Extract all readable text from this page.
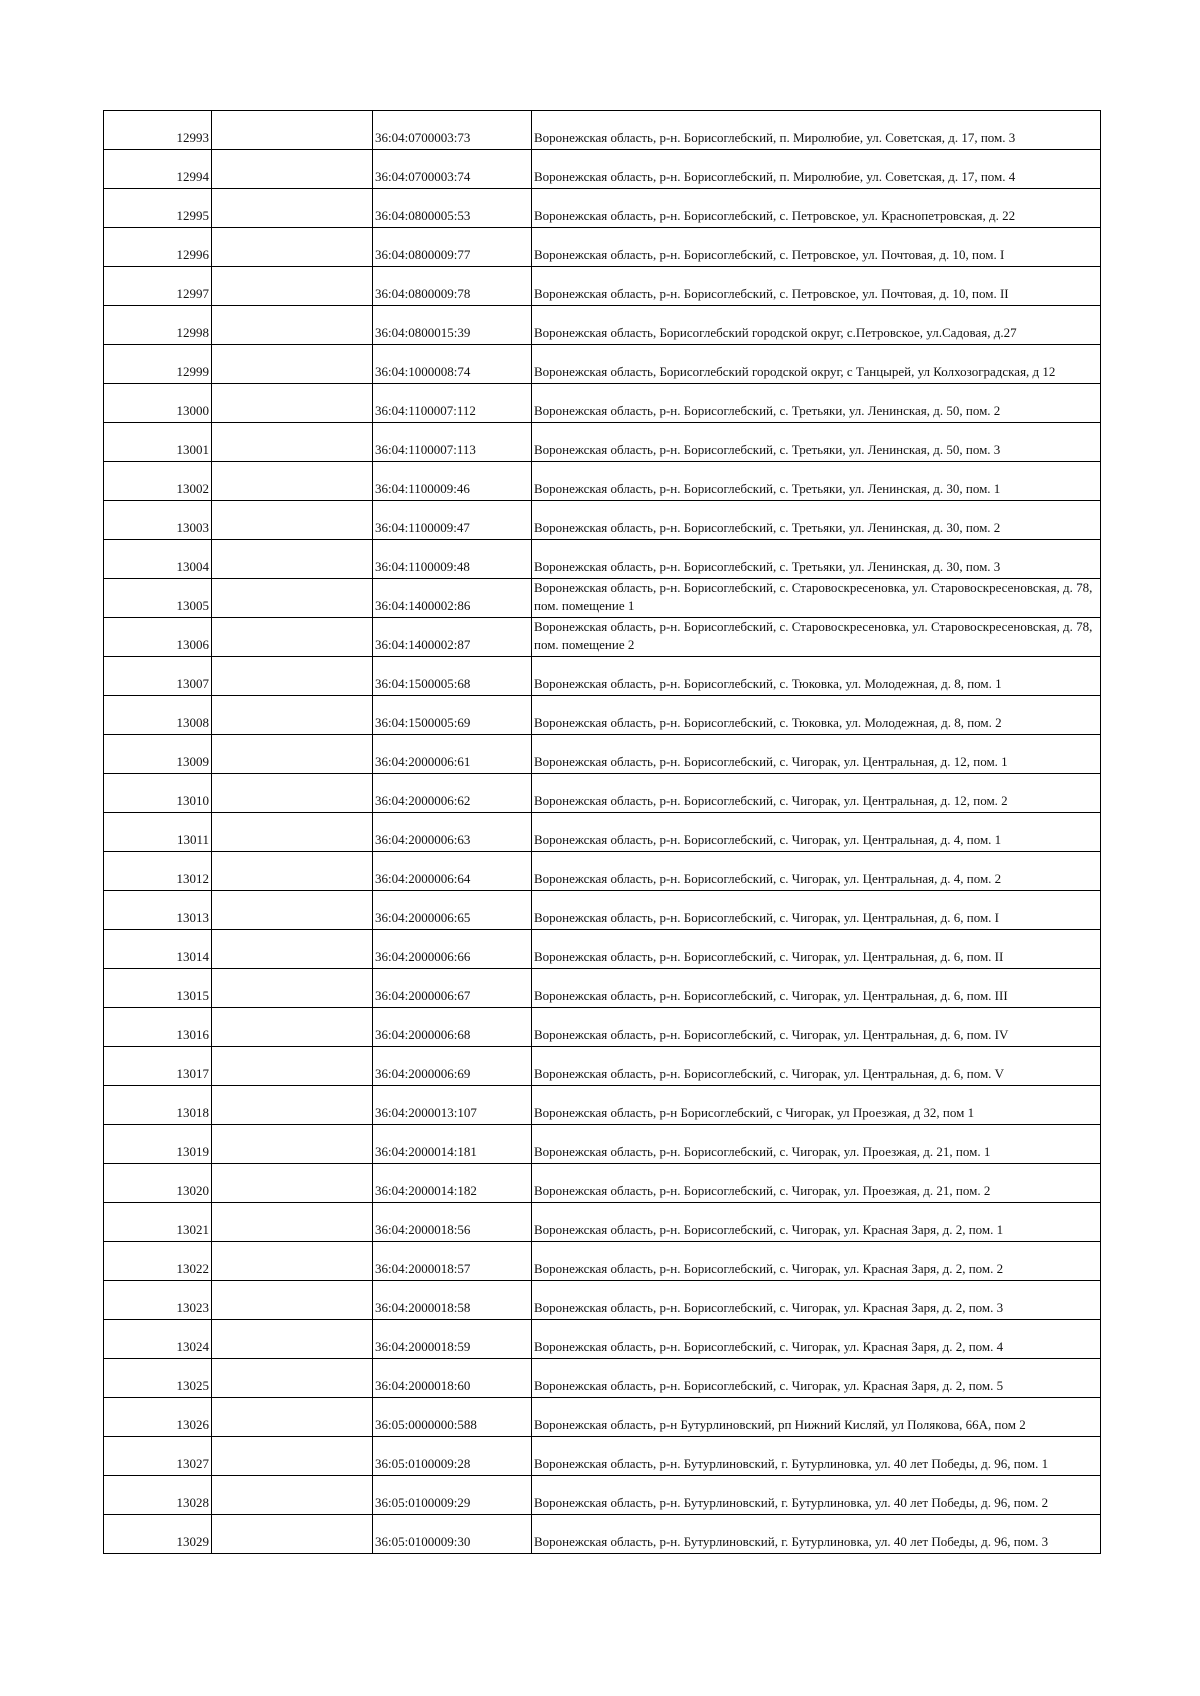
12993		36:04:0700003:73	Воронежская область, р-н. Борисоглебский, п. Миролюбие, ул. Советская, д. 17, пом. 3
12994		36:04:0700003:74	Воронежская область, р-н. Борисоглебский, п. Миролюбие, ул. Советская, д. 17, пом. 4
12995		36:04:0800005:53	Воронежская область, р-н. Борисоглебский, с. Петровское, ул. Краснопетровская, д. 22
12996		36:04:0800009:77	Воронежская область, р-н. Борисоглебский, с. Петровское, ул. Почтовая, д. 10, пом. I
12997		36:04:0800009:78	Воронежская область, р-н. Борисоглебский, с. Петровское, ул. Почтовая, д. 10, пом. II
12998		36:04:0800015:39	Воронежская область, Борисоглебский городской округ, с.Петровское, ул.Садовая, д.27
12999		36:04:1000008:74	Воронежская область, Борисоглебский городской округ, с Танцырей, ул Колхозоградская, д 12
13000		36:04:1100007:112	Воронежская область, р-н. Борисоглебский, с. Третьяки, ул. Ленинская, д. 50, пом. 2
13001		36:04:1100007:113	Воронежская область, р-н. Борисоглебский, с. Третьяки, ул. Ленинская, д. 50, пом. 3
13002		36:04:1100009:46	Воронежская область, р-н. Борисоглебский, с. Третьяки, ул. Ленинская, д. 30, пом. 1
13003		36:04:1100009:47	Воронежская область, р-н. Борисоглебский, с. Третьяки, ул. Ленинская, д. 30, пом. 2
13004		36:04:1100009:48	Воронежская область, р-н. Борисоглебский, с. Третьяки, ул. Ленинская, д. 30, пом. 3
13005		36:04:1400002:86	Воронежская область, р-н. Борисоглебский, с. Старовоскресеновка, ул. Старовоскресеновская, д. 78, пом. помещение 1
13006		36:04:1400002:87	Воронежская область, р-н. Борисоглебский, с. Старовоскресеновка, ул. Старовоскресеновская, д. 78, пом. помещение 2
13007		36:04:1500005:68	Воронежская область, р-н. Борисоглебский, с. Тюковка, ул. Молодежная, д. 8, пом. 1
13008		36:04:1500005:69	Воронежская область, р-н. Борисоглебский, с. Тюковка, ул. Молодежная, д. 8, пом. 2
13009		36:04:2000006:61	Воронежская область, р-н. Борисоглебский, с. Чигорак, ул. Центральная, д. 12, пом. 1
13010		36:04:2000006:62	Воронежская область, р-н. Борисоглебский, с. Чигорак, ул. Центральная, д. 12, пом. 2
13011		36:04:2000006:63	Воронежская область, р-н. Борисоглебский, с. Чигорак, ул. Центральная, д. 4, пом. 1
13012		36:04:2000006:64	Воронежская область, р-н. Борисоглебский, с. Чигорак, ул. Центральная, д. 4, пом. 2
13013		36:04:2000006:65	Воронежская область, р-н. Борисоглебский, с. Чигорак, ул. Центральная, д. 6, пом. I
13014		36:04:2000006:66	Воронежская область, р-н. Борисоглебский, с. Чигорак, ул. Центральная, д. 6, пом. II
13015		36:04:2000006:67	Воронежская область, р-н. Борисоглебский, с. Чигорак, ул. Центральная, д. 6, пом. III
13016		36:04:2000006:68	Воронежская область, р-н. Борисоглебский, с. Чигорак, ул. Центральная, д. 6, пом. IV
13017		36:04:2000006:69	Воронежская область, р-н. Борисоглебский, с. Чигорак, ул. Центральная, д. 6, пом. V
13018		36:04:2000013:107	Воронежская область, р-н Борисоглебский, с Чигорак, ул Проезжая, д 32, пом 1
13019		36:04:2000014:181	Воронежская область, р-н. Борисоглебский, с. Чигорак, ул. Проезжая, д. 21, пом. 1
13020		36:04:2000014:182	Воронежская область, р-н. Борисоглебский, с. Чигорак, ул. Проезжая, д. 21, пом. 2
13021		36:04:2000018:56	Воронежская область, р-н. Борисоглебский, с. Чигорак, ул. Красная Заря, д. 2, пом. 1
13022		36:04:2000018:57	Воронежская область, р-н. Борисоглебский, с. Чигорак, ул. Красная Заря, д. 2, пом. 2
13023		36:04:2000018:58	Воронежская область, р-н. Борисоглебский, с. Чигорак, ул. Красная Заря, д. 2, пом. 3
13024		36:04:2000018:59	Воронежская область, р-н. Борисоглебский, с. Чигорак, ул. Красная Заря, д. 2, пом. 4
13025		36:04:2000018:60	Воронежская область, р-н. Борисоглебский, с. Чигорак, ул. Красная Заря, д. 2, пом. 5
13026		36:05:0000000:588	Воронежская область, р-н Бутурлиновский, рп Нижний Кисляй, ул Полякова, 66А, пом 2
13027		36:05:0100009:28	Воронежская область, р-н. Бутурлиновский, г. Бутурлиновка, ул. 40 лет Победы, д. 96, пом. 1
13028		36:05:0100009:29	Воронежская область, р-н. Бутурлиновский, г. Бутурлиновка, ул. 40 лет Победы, д. 96, пом. 2
13029		36:05:0100009:30	Воронежская область, р-н. Бутурлиновский, г. Бутурлиновка, ул. 40 лет Победы, д. 96, пом. 3
